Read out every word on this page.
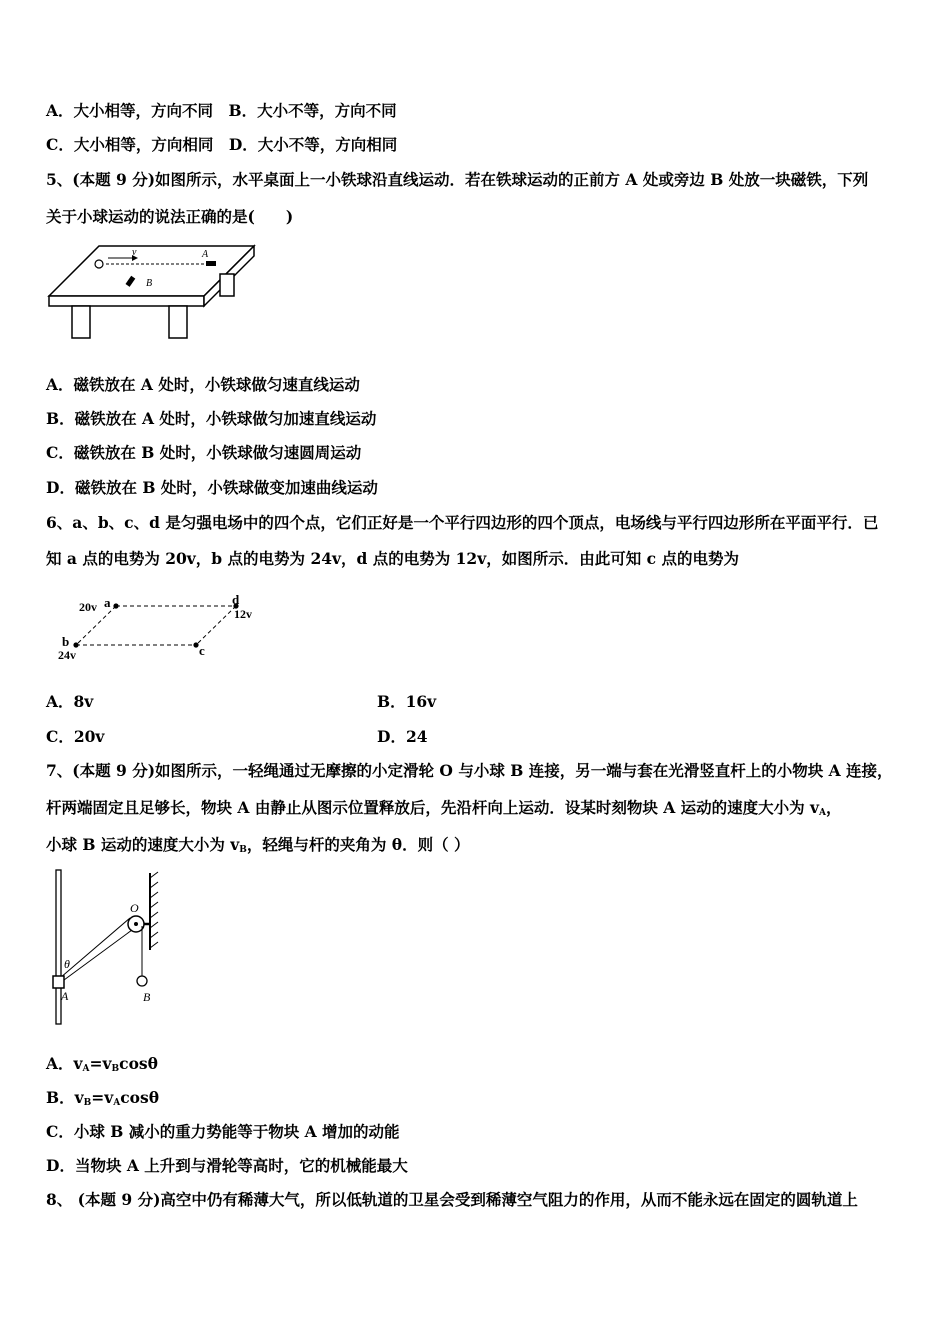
A．大小相等，方向不同　B．大小不等，方向不同
C．大小相等，方向相同　D．大小不等，方向相同
5、(本题 9 分)如图所示，水平桌面上一小铁球沿直线运动．若在铁球运动的正前方 A 处或旁边 B 处放一块磁铁，下列
关于小球运动的说法正确的是(　　)
v	A
B
A．磁铁放在 A 处时，小铁球做匀速直线运动
B．磁铁放在 A 处时，小铁球做匀加速直线运动
C．磁铁放在 B 处时，小铁球做匀速圆周运动
D．磁铁放在 B 处时，小铁球做变加速曲线运动
6、a、b、c、d 是匀强电场中的四个点，它们正好是一个平行四边形的四个顶点，电场线与平行四边形所在平面平行．已
知 a 点的电势为 20v，b 点的电势为 24v，d 点的电势为 12v，如图所示．由此可知 c 点的电势为
20v a	d
12v
b
24v	c
A．8v	B．16v
C．20v	D．24
7、(本题 9 分)如图所示，一轻绳通过无摩擦的小定滑轮 O 与小球 B 连接，另一端与套在光滑竖直杆上的小物块 A 连接，
杆两端固定且足够长，物块 A 由静止从图示位置释放后，先沿杆向上运动．设某时刻物块 A 运动的速度大小为 $v_A$，
小球 B 运动的速度大小为 $v_B$，轻绳与杆的夹角为 θ．则（ ）
O
B
A
θ
A．$v_A=v_B\cos\theta$
B．$v_B=v_A\cos\theta$
C．小球 B 减小的重力势能等于物块 A 增加的动能
D．当物块 A 上升到与滑轮等高时，它的机械能最大
8、 (本题 9 分)高空中仍有稀薄大气，所以低轨道的卫星会受到稀薄空气阻力的作用，从而不能永远在固定的圆轨道上
